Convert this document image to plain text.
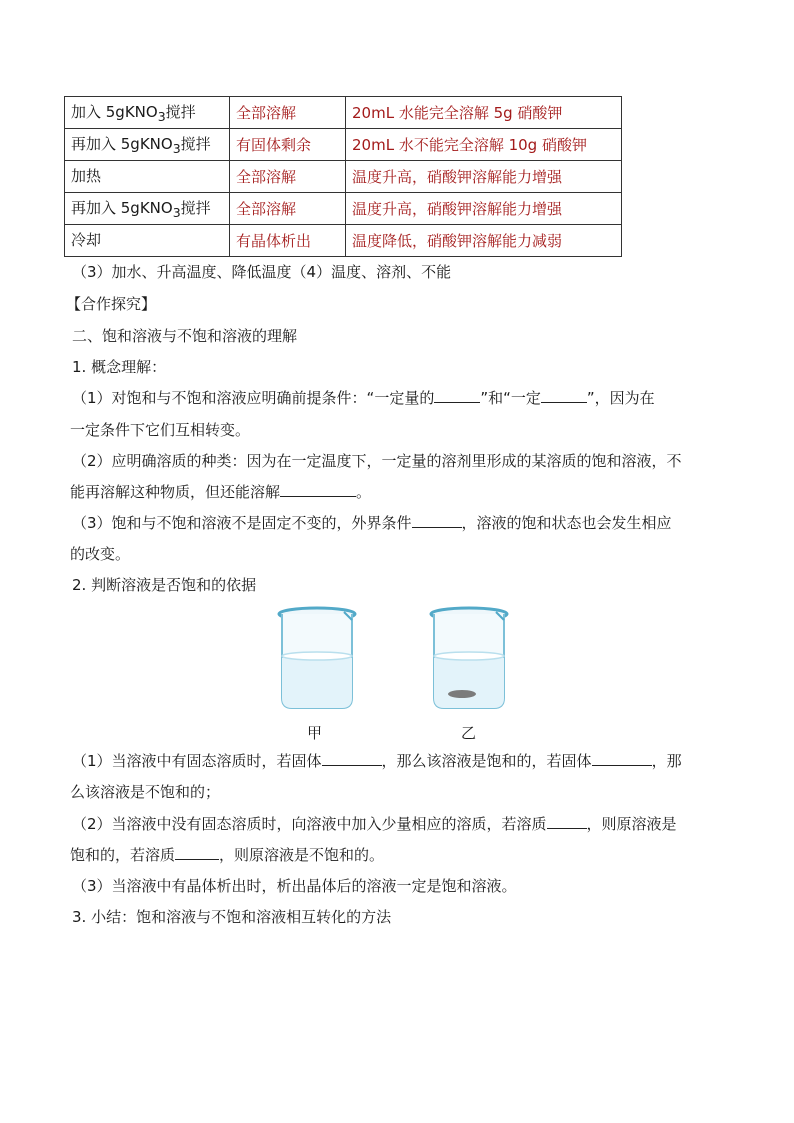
加入 5gKNO$_3$搅拌	全部溶解	20mL 水能完全溶解 5g 硝酸钾
再加入 5gKNO$_3$搅拌	有固体剩余	20mL 水不能完全溶解 10g 硝酸钾
加热	全部溶解	温度升高，硝酸钾溶解能力增强
再加入 5gKNO$_3$搅拌	全部溶解	温度升高，硝酸钾溶解能力增强
冷却	有晶体析出	温度降低，硝酸钾溶解能力减弱
（3）加水、升高温度、降低温度（4）温度、溶剂、不能
【合作探究】
二、饱和溶液与不饱和溶液的理解
1. 概念理解：
（1）对饱和与不饱和溶液应明确前提条件：“一定量的	”和“一定	”，因为在
一定条件下它们互相转变。
（2）应明确溶质的种类：因为在一定温度下，一定量的溶剂里形成的某溶质的饱和溶液，不
能再溶解这种物质，但还能溶解	。
（3）饱和与不饱和溶液不是固定不变的，外界条件	，溶液的饱和状态也会发生相应
的改变。
2. 判断溶液是否饱和的依据
甲	乙
（1）当溶液中有固态溶质时，若固体	，那么该溶液是饱和的，若固体	，那
么该溶液是不饱和的；
（2）当溶液中没有固态溶质时，向溶液中加入少量相应的溶质，若溶质	，则原溶液是
饱和的，若溶质	，则原溶液是不饱和的。
（3）当溶液中有晶体析出时，析出晶体后的溶液一定是饱和溶液。
3. 小结：饱和溶液与不饱和溶液相互转化的方法
